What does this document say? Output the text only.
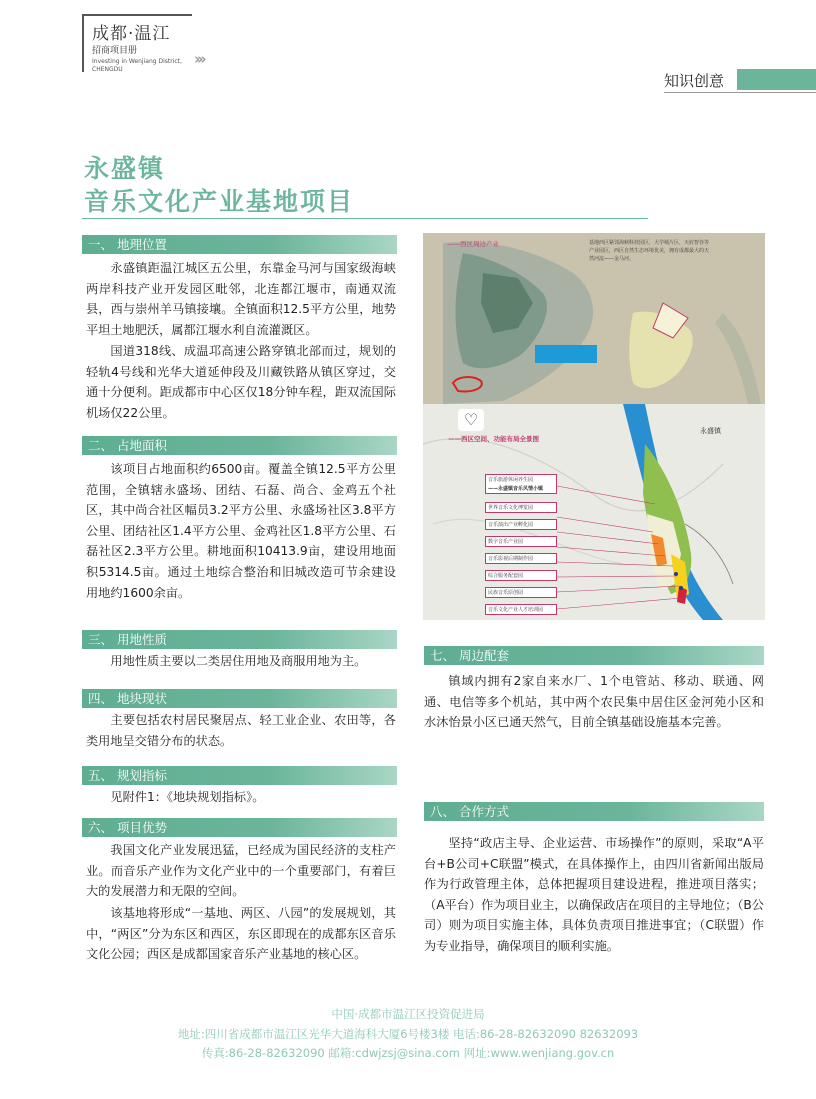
成都·温江
招商项目册
Investing in Wenjiang District,
CHENGDU
›››
知识创意
永盛镇
音乐文化产业基地项目
一、 地理位置
永盛镇距温江城区五公里，东靠金马河与国家级海峡两岸科技产业开发园区毗邻，北连都江堰市，南通双流县，西与崇州羊马镇接壤。全镇面积12.5平方公里，地势平坦土地肥沃，属都江堰水利自流灌溉区。
国道318线、成温邛高速公路穿镇北部而过，规划的轻轨4号线和光华大道延伸段及川藏铁路从镇区穿过，交通十分便利。距成都市中心区仅18分钟车程，距双流国际机场仅22公里。
二、 占地面积
该项目占地面积约6500亩。覆盖全镇12.5平方公里范围，全镇辖永盛场、团结、石磊、尚合、金鸡五个社区，其中尚合社区幅员3.2平方公里、永盛场社区3.8平方公里、团结社区1.4平方公里、金鸡社区1.8平方公里、石磊社区2.3平方公里。耕地面积10413.9亩，建设用地面积5314.5亩。通过土地综合整治和旧城改造可节余建设用地约1600余亩。
三、 用地性质
用地性质主要以二类居住用地及商服用地为主。
四、 地块现状
主要包括农村居民聚居点、轻工业企业、农田等，各类用地呈交错分布的状态。
五、 规划指标
见附件1：《地块规划指标》。
六、 项目优势
我国文化产业发展迅猛，已经成为国民经济的支柱产业。而音乐产业作为文化产业中的一个重要部门，有着巨大的发展潜力和无限的空间。
该基地将形成“一基地、两区、八园”的发展规划，其中，“两区”分为东区和西区，东区即现在的成都东区音乐文化公园；西区是成都国家音乐产业基地的核心区。
——西区周边产业	基地西区紧邻海峡科技园区，大学城片区，天府智谷等产业园区，西区自然生态环境优美，拥有成都最大的天然河流——金马河。
♡
——西区空间、功能布局全景图
永盛镇
音乐旅游休闲养生园
——永盛镇音乐风情小镇
世界音乐文化博览园
音乐演出产业孵化园
数字音乐产业园
音乐影视后期制作园
综合服务配套园
民族音乐原创园
音乐文化产业人才培训园
七、 周边配套
镇域内拥有2家自来水厂、1个电管站、移动、联通、网通、电信等多个机站，其中两个农民集中居住区金河苑小区和水沐怡景小区已通天然气，目前全镇基础设施基本完善。
八、 合作方式
坚持“政店主导、企业运营、市场操作”的原则，采取“A平台+B公司+C联盟”模式，在具体操作上，由四川省新闻出版局作为行政管理主体，总体把握项目建设进程，推进项目落实；（A平台）作为项目业主，以确保政店在项目的主导地位；（B公司）则为项目实施主体，具体负责项目推进事宜；（C联盟）作为专业指导，确保项目的顺利实施。
中国·成都市温江区投资促进局
地址:四川省成都市温江区光华大道海科大厦6号楼3楼 电话:86-28-82632090 82632093
传真:86-28-82632090 邮箱:cdwjzsj@sina.com 网址:www.wenjiang.gov.cn
